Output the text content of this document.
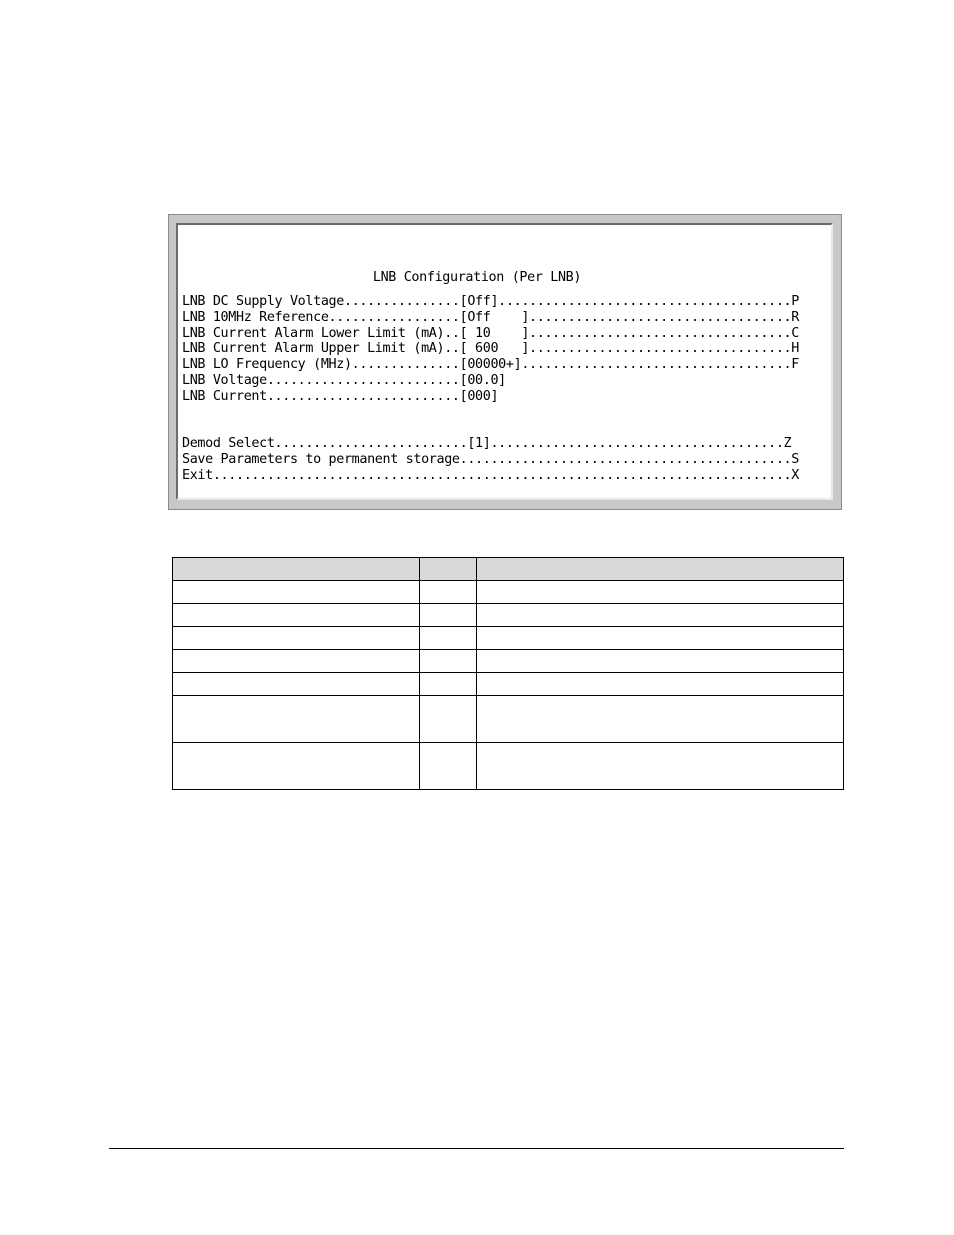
LNB Configuration (Per LNB)
LNB DC Supply Voltage...............[Off]......................................P
LNB 10MHz Reference.................[Off    ]..................................R
LNB Current Alarm Lower Limit (mA)..[ 10    ]..................................C
LNB Current Alarm Upper Limit (mA)..[ 600   ]..................................H
LNB LO Frequency (MHz)..............[00000+]...................................F
LNB Voltage.........................[00.0]
LNB Current.........................[000]
Demod Select.........................[1]......................................Z
Save Parameters to permanent storage...........................................S
Exit...........................................................................X
